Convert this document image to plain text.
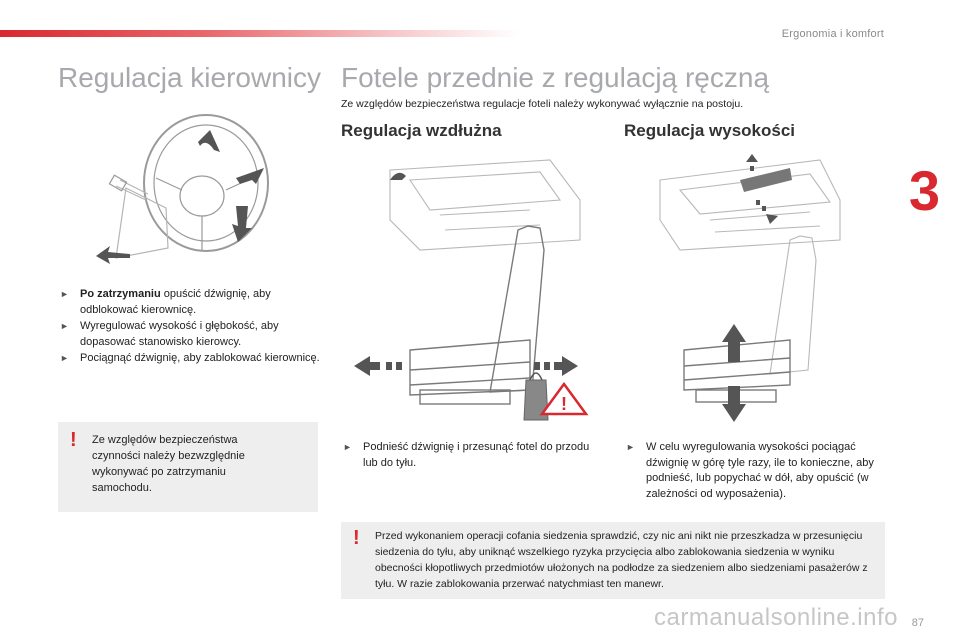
Ergonomia i komfort
3
Regulacja kierownicy Fotele przednie z regulacją ręczną

Ze względów bezpieczeństwa regulacje foteli należy wykonywać wyłącznie na postoju.

Regulacja wzdłużna	Regulacja wysokości
!
► Po zatrzymaniu opuścić dźwignię, aby odblokować kierownicę.
► Wyregulować wysokość i głębokość, aby dopasować stanowisko kierowcy.
► Pociągnąć dźwignię, aby zablokować kierownicę.
! Ze względów bezpieczeństwa czynności należy bezwzględnie wykonywać po zatrzymaniu samochodu.

► Podnieść dźwignię i przesunąć fotel do przodu lub do tyłu.
► W celu wyregulowania wysokości pociągać dźwignię w górę tyle razy, ile to konieczne, aby podnieść, lub popychać w dół, aby opuścić (w zależności od wyposażenia).
! Przed wykonaniem operacji cofania siedzenia sprawdzić, czy nic ani nikt nie przeszkadza w przesunięciu siedzenia do tyłu, aby uniknąć wszelkiego ryzyka przycięcia albo zablokowania siedzenia w wyniku obecności kłopotliwych przedmiotów ułożonych na podłodze za siedzeniem albo siedzeniami pasażerów z tyłu. W razie zablokowania przerwać natychmiast ten manewr.

carmanualsonline.info 87
